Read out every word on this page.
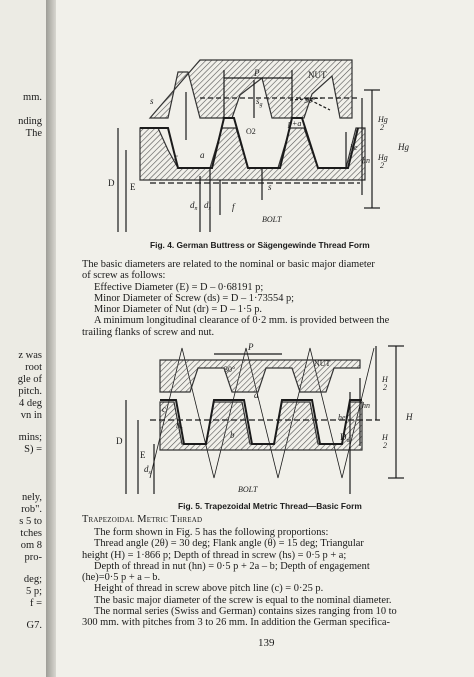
mm.
nding
The
z was
root
gle of
pitch.
4 deg
vn in
mins;
S) =
nely,
rob".
s 5 to
tches
om 8
pro-
deg;
5 p;
f =
G7.
P	NUT
30°
s	$s_g$
O2
p+a	Hg 2
Hg 2
Hg
he
hn
a
r
D E
$d_n$ $d_s$ f
s
BOLT
Fig. 4. German Buttress or Sägengewinde Thread Form

The basic diameters are related to the nominal or basic major diameter

of screw as follows:

Effective Diameter (E) = D – 0·68191 p;

Minor Diameter of Screw (ds) = D – 1·73554 p;

Minor Diameter of Nut (dr) = D – 1·5 p.

A minimum longitudinal clearance of 0·2 mm. is provided between the

trailing flanks of screw and nut.

P
NUT
30°
c
$h_s$
b
a
he
hn
H 2
H 2
H
D
E
$d_s$
$D_n$
BOLT
Fig. 5. Trapezoidal Metric Thread—Basic Form
Trapezoidal Metric Thread

The form shown in Fig. 5 has the following proportions:

Thread angle (2θ) = 30 deg; Flank angle (θ) = 15 deg; Triangular

height (H) = 1·866 p; Depth of thread in screw (hs) = 0·5 p + a;

Depth of thread in nut (hn) = 0·5 p + 2a – b; Depth of engagement

(he)=0·5 p + a – b.

Height of thread in screw above pitch line (c) = 0·25 p.

The basic major diameter of the screw is equal to the nominal diameter.

The normal series (Swiss and German) contains sizes ranging from 10 to

300 mm. with pitches from 3 to 26 mm. In addition the German specifica-

139
